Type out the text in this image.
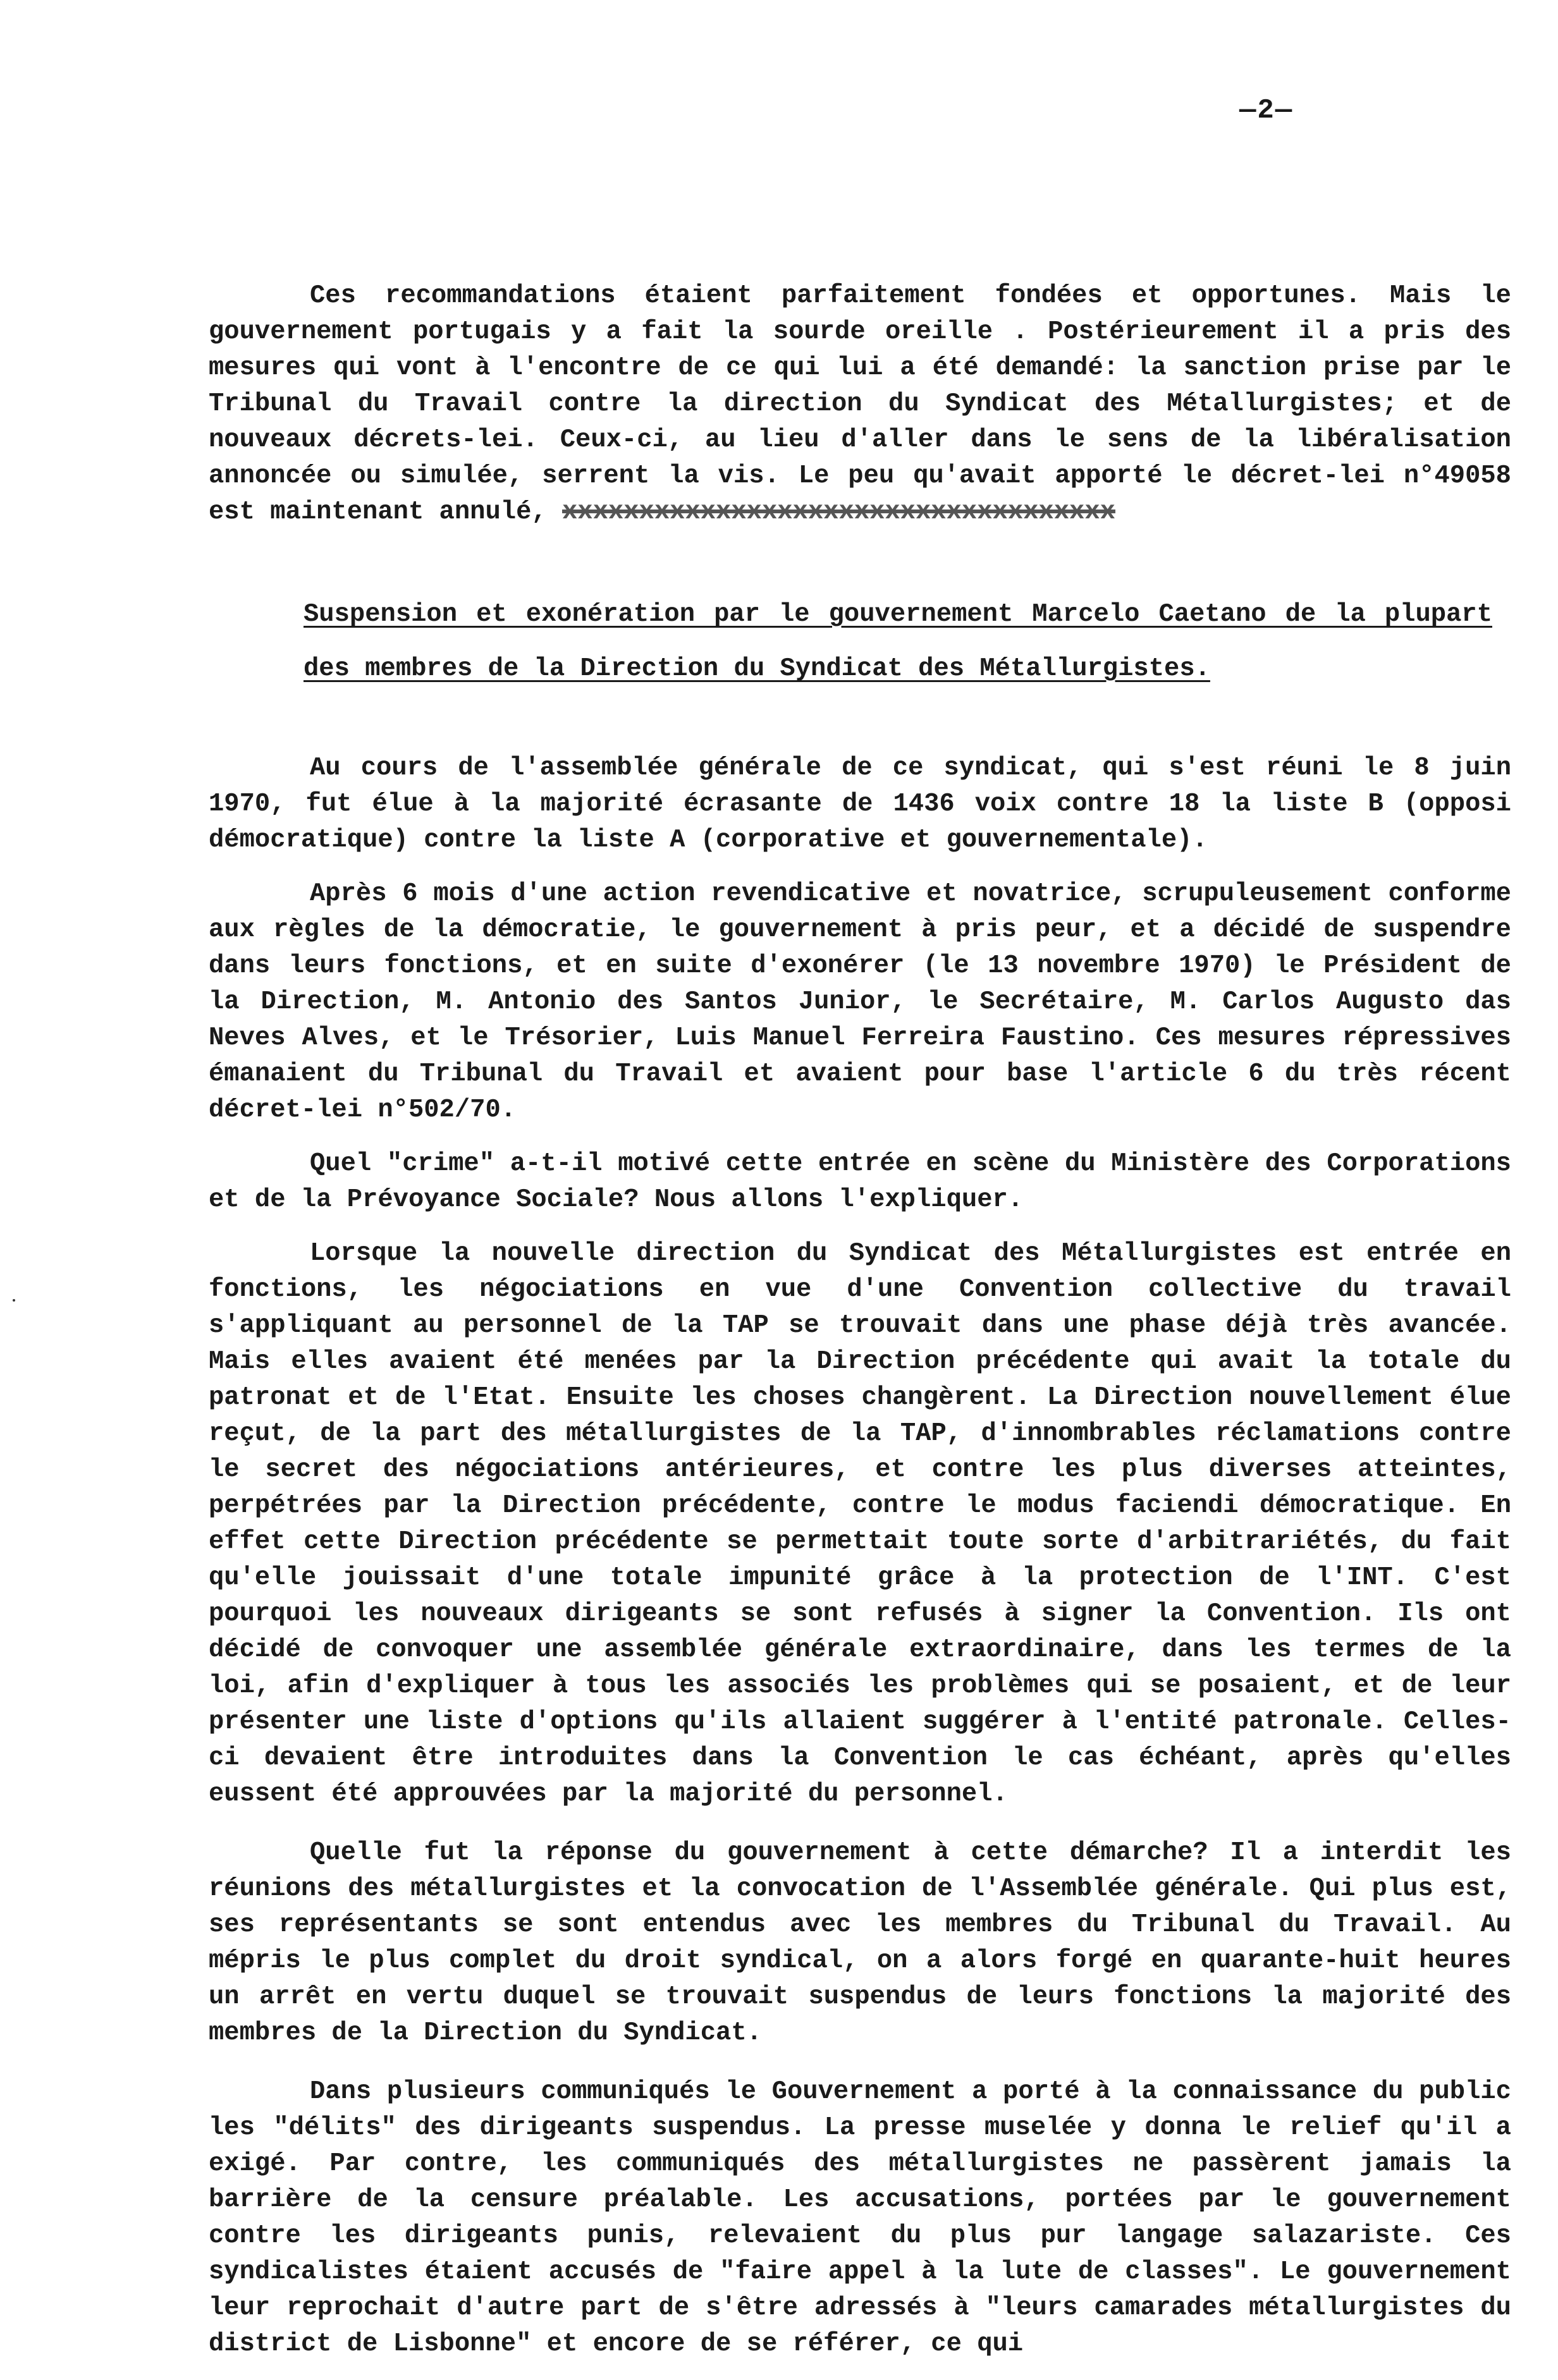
—2—

Ces recommandations étaient parfaitement fondées et opportunes. Mais le gouvernement portugais y a fait la sourde oreille . Postérieurement il a pris des mesures qui vont à l'encontre de ce qui lui a été demandé: la sanction prise par le Tribunal du Travail contre la direction du Syndicat des Métallurgistes; et de nouveaux décrets-lei. Ceux-ci, au lieu d'aller dans le sens de la libéralisation annoncée ou simulée, serrent la vis. Le peu qu'avait apporté le décret-lei n°49058 est maintenant annulé, xxxxxxxxxxxxxxxxxxxxxxxxxxxxxxxxxxxx

Suspension et exonération par le gouvernement Marcelo Caetano de la plupart des membres de la Direction du Syndicat des Métallurgistes.

Au cours de l'assemblée générale de ce syndicat, qui s'est réuni le 8 juin 1970, fut élue à la majorité écrasante de 1436 voix contre 18 la liste B (opposi démocratique) contre la liste A (corporative et gouvernementale).

Après 6 mois d'une action revendicative et novatrice, scrupuleusement conforme aux règles de la démocratie, le gouvernement à pris peur, et a décidé de suspendre dans leurs fonctions, et en suite d'exonérer (le 13 novembre 1970) le Président de la Direction, M. Antonio des Santos Junior, le Secrétaire, M. Carlos Augusto das Neves Alves, et le Trésorier, Luis Manuel Ferreira Faustino. Ces mesures répressives émanaient du Tribunal du Travail et avaient pour base l'article 6 du très récent décret-lei n°502/70.

Quel "crime" a-t-il motivé cette entrée en scène du Ministère des Corporations et de la Prévoyance Sociale? Nous allons l'expliquer.

Lorsque la nouvelle direction du Syndicat des Métallurgistes est entrée en fonctions, les négociations en vue d'une Convention collective du travail s'appliquant au personnel de la TAP se trouvait dans une phase déjà très avancée. Mais elles avaient été menées par la Direction précédente qui avait la totale du patronat et de l'Etat. Ensuite les choses changèrent. La Direction nouvellement élue reçut, de la part des métallurgistes de la TAP, d'innombrables réclamations contre le secret des négociations antérieures, et contre les plus diverses atteintes, perpétrées par la Direction précédente, contre le modus faciendi démocratique. En effet cette Direction précédente se permettait toute sorte d'arbitrariétés, du fait qu'elle jouissait d'une totale impunité grâce à la protection de l'INT. C'est pourquoi les nouveaux dirigeants se sont refusés à signer la Convention. Ils ont décidé de convoquer une assemblée générale extraordinaire, dans les termes de la loi, afin d'expliquer à tous les associés les problèmes qui se posaient, et de leur présenter une liste d'options qu'ils allaient suggérer à l'entité patronale. Celles-ci devaient être introduites dans la Convention le cas échéant, après qu'elles eussent été approuvées par la majorité du personnel.

Quelle fut la réponse du gouvernement à cette démarche? Il a interdit les réunions des métallurgistes et la convocation de l'Assemblée générale. Qui plus est, ses représentants se sont entendus avec les membres du Tribunal du Travail. Au mépris le plus complet du droit syndical, on a alors forgé en quarante-huit heures un arrêt en vertu duquel se trouvait suspendus de leurs fonctions la majorité des membres de la Direction du Syndicat.

Dans plusieurs communiqués le Gouvernement a porté à la connaissance du public les "délits" des dirigeants suspendus. La presse muselée y donna le relief qu'il a exigé. Par contre, les communiqués des métallurgistes ne passèrent jamais la barrière de la censure préalable. Les accusations, portées par le gouvernement contre les dirigeants punis, relevaient du plus pur langage salazariste. Ces syndicalistes étaient accusés de "faire appel à la lute de classes". Le gouvernement leur reprochait d'autre part de s'être adressés à "leurs camarades métallurgistes du district de Lisbonne" et encore de se référer, ce qui
